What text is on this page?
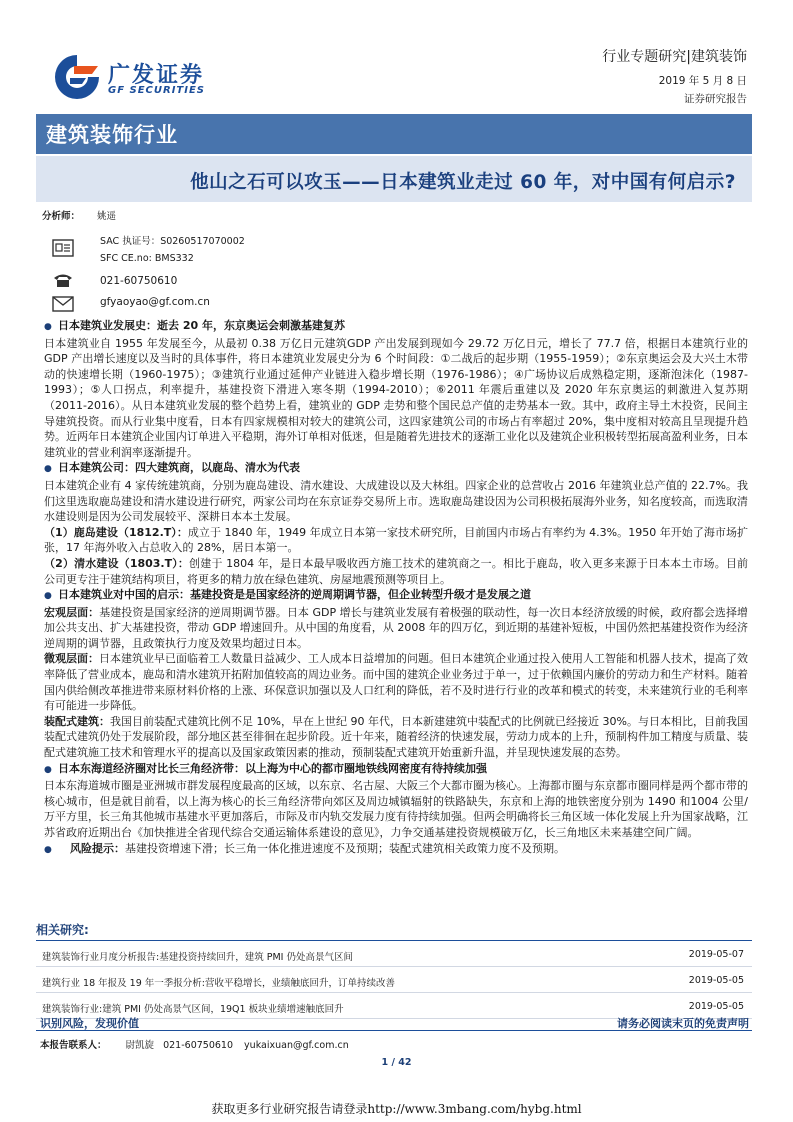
广发证券
GF SECURITIES
行业专题研究|建筑装饰
2019 年 5 月 8 日
证券研究报告
建筑装饰行业
他山之石可以攻玉——日本建筑业走过 60 年，对中国有何启示?
分析师： 姚遥
SAC 执证号：S0260517070002
SFC CE.no: BMS332
021-60750610
gfyaoyao@gf.com.cn

● 日本建筑业发展史：逝去 20 年，东京奥运会刺激基建复苏

日本建筑业自 1955 年发展至今，从最初 0.38 万亿日元建筑GDP 产出发展到现如今 29.72 万亿日元，增长了 77.7 倍，根据日本建筑行业的 GDP 产出增长速度以及当时的具体事件，将日本建筑业发展史分为 6 个时间段：①二战后的起步期（1955-1959）；②东京奥运会及大兴土木带动的快速增长期（1960-1975）；③建筑行业通过延伸产业链进入稳步增长期（1976-1986）；④广场协议后成熟稳定期，逐渐泡沫化（1987-1993）；⑤人口拐点，利率提升，基建投资下滑进入寒冬期（1994-2010）；⑥2011 年震后重建以及 2020 年东京奥运的刺激进入复苏期（2011-2016）。从日本建筑业发展的整个趋势上看，建筑业的 GDP 走势和整个国民总产值的走势基本一致。其中，政府主导土木投资，民间主导建筑投资。而从行业集中度看，日本有四家规模相对较大的建筑公司，这四家建筑公司的市场占有率超过 20%，集中度相对较高且呈现提升趋势。近两年日本建筑企业国内订单进入平稳期，海外订单相对低迷，但是随着先进技术的逐渐工业化以及建筑企业积极转型拓展高盈利业务，日本建筑业的营业利润率逐渐提升。

● 日本建筑公司：四大建筑商，以鹿岛、清水为代表

日本建筑企业有 4 家传统建筑商，分别为鹿岛建设、清水建设、大成建设以及大林组。四家企业的总营收占 2016 年建筑业总产值的 22.7%。我们这里选取鹿岛建设和清水建设进行研究，两家公司均在东京证券交易所上市。选取鹿岛建设因为公司积极拓展海外业务，知名度较高，而选取清水建设则是因为公司发展较平、深耕日本本土发展。

（1）鹿岛建设（1812.T）：成立于 1840 年，1949 年成立日本第一家技术研究所，目前国内市场占有率约为 4.3%。1950 年开始了海市场扩张，17 年海外收入占总收入的 28%，居日本第一。

（2）清水建设（1803.T）：创建于 1804 年，是日本最早吸收西方施工技术的建筑商之一。相比于鹿岛，收入更多来源于日本本土市场。目前公司更专注于建筑结构项目，将更多的精力放在绿色建筑、房屋地震预测等项目上。

● 日本建筑业对中国的启示：基建投资是是国家经济的逆周期调节器，但企业转型升级才是发展之道

宏观层面：基建投资是国家经济的逆周期调节器。日本 GDP 增长与建筑业发展有着极强的联动性，每一次日本经济放缓的时候，政府都会选择增加公共支出、扩大基建投资，带动 GDP 增速回升。从中国的角度看，从 2008 年的四万亿，到近期的基建补短板，中国仍然把基建投资作为经济逆周期的调节器，且政策执行力度及效果均超过日本。

微观层面：日本建筑业早已面临着工人数量日益减少、工人成本日益增加的问题。但日本建筑企业通过投入使用人工智能和机器人技术，提高了效率降低了营业成本，鹿岛和清水建筑开拓附加值较高的周边业务。而中国的建筑企业业务过于单一，过于依赖国内廉价的劳动力和生产材料。随着国内供给侧改革推进带来原材料价格的上涨、环保意识加强以及人口红利的降低，若不及时进行行业的改革和模式的转变，未来建筑行业的毛利率有可能进一步降低。

装配式建筑：我国目前装配式建筑比例不足 10%，早在上世纪 90 年代，日本新建建筑中装配式的比例就已经接近 30%。与日本相比，目前我国装配式建筑仍处于发展阶段，部分地区甚至徘徊在起步阶段。近十年来，随着经济的快速发展，劳动力成本的上升，预制构件加工精度与质量、装配式建筑施工技术和管理水平的提高以及国家政策因素的推动，预制装配式建筑开始重新升温，并呈现快速发展的态势。

● 日本东海道经济圈对比长三角经济带：以上海为中心的都市圈地铁线网密度有待持续加强

日本东海道城市圈是亚洲城市群发展程度最高的区域，以东京、名古屋、大阪三个大都市圈为核心。上海都市圈与东京都市圈同样是两个都市带的核心城市，但是就目前看，以上海为核心的长三角经济带向郊区及周边城镇辐射的铁路缺失，东京和上海的地铁密度分别为 1490 和1004 公里/万平方里，长三角其他城市基建水平更加落后，市际及市内轨交发展力度有待持续加强。但两会明确将长三角区域一体化发展上升为国家战略，江苏省政府近期出台《加快推进全省现代综合交通运输体系建设的意见》，力争交通基建投资规模破万亿，长三角地区未来基建空间广阔。

● 风险提示：基建投资增速下滑；长三角一体化推进速度不及预期；装配式建筑相关政策力度不及预期。

相关研究:
建筑装饰行业月度分析报告:基建投资持续回升，建筑 PMI 仍处高景气区间	2019-05-07
建筑行业 18 年报及 19 年一季报分析:营收平稳增长，业绩触底回升，订单持续改善	2019-05-05
建筑装饰行业:建筑 PMI 仍处高景气区间，19Q1 板块业绩增速触底回升	2019-05-05
识别风险，发现价值	请务必阅读末页的免责声明
本报告联系人： 尉凯旋 021-60750610 yukaixuan@gf.com.cn
1 / 42
获取更多行业研究报告请登录http://www.3mbang.com/hybg.html
